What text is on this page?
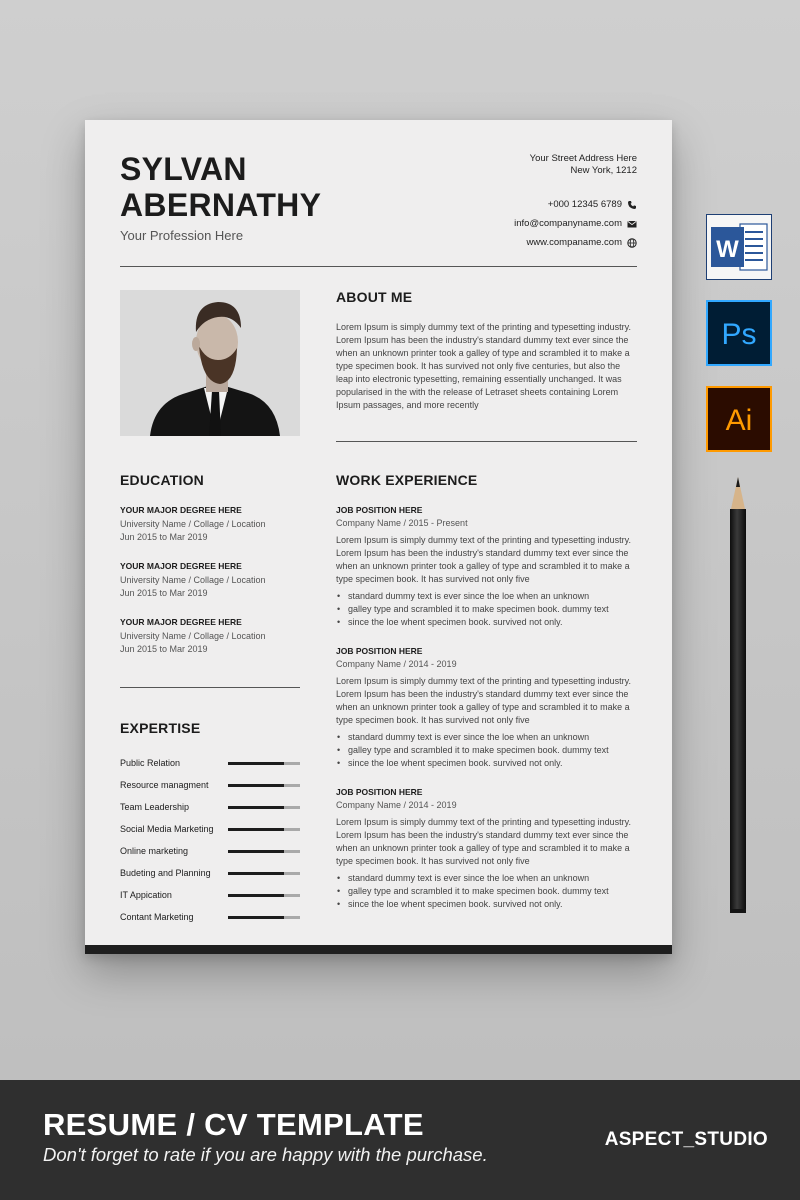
SYLVAN
ABERNATHY
Your Profession Here
Your Street Address Here
New York, 1212
+000 12345 6789
info@companyname.com
www.companame.com
ABOUT ME
Lorem Ipsum is simply dummy text of the printing and typesetting industry. Lorem Ipsum has been the industry's standard dummy text ever since the when an unknown printer took a galley of type and scrambled it to make a type specimen book. It has survived not only five centuries, but also the leap into electronic typesetting, remaining essentially unchanged. It was popularised in the with the release of Letraset sheets containing Lorem Ipsum passages, and more recently
EDUCATION
YOUR MAJOR DEGREE HERE
University Name / Collage / Location
Jun 2015 to Mar 2019
YOUR MAJOR DEGREE HERE
University Name / Collage / Location
Jun 2015 to Mar 2019
YOUR MAJOR DEGREE HERE
University Name / Collage / Location
Jun 2015 to Mar 2019
EXPERTISE
Public Relation
Resource managment
Team Leadership
Social Media Marketing
Online marketing
Budeting and Planning
IT Appication
Contant Marketing
WORK EXPERIENCE
JOB POSITION HERE
Company Name / 2015 - Present
Lorem Ipsum is simply dummy text of the printing and typesetting industry. Lorem Ipsum has been the industry's standard dummy text ever since the when an unknown printer took a galley of type and scrambled it to make a type specimen book. It has survived not only five
• standard dummy text is ever since the loe when an unknown
• galley type and scrambled it to make specimen book. dummy text
• since the loe whent specimen book. survived not only.
JOB POSITION HERE
Company Name / 2014 - 2019
Lorem Ipsum is simply dummy text of the printing and typesetting industry. Lorem Ipsum has been the industry's standard dummy text ever since the when an unknown printer took a galley of type and scrambled it to make a type specimen book. It has survived not only five
• standard dummy text is ever since the loe when an unknown
• galley type and scrambled it to make specimen book. dummy text
• since the loe whent specimen book. survived not only.
JOB POSITION HERE
Company Name / 2014 - 2019
Lorem Ipsum is simply dummy text of the printing and typesetting industry. Lorem Ipsum has been the industry's standard dummy text ever since the when an unknown printer took a galley of type and scrambled it to make a type specimen book. It has survived not only five
• standard dummy text is ever since the loe when an unknown
• galley type and scrambled it to make specimen book. dummy text
• since the loe whent specimen book. survived not only.
W
Ps
Ai
RESUME / CV TEMPLATE
Don't forget to rate if you are happy with the purchase.
ASPECT_STUDIO
